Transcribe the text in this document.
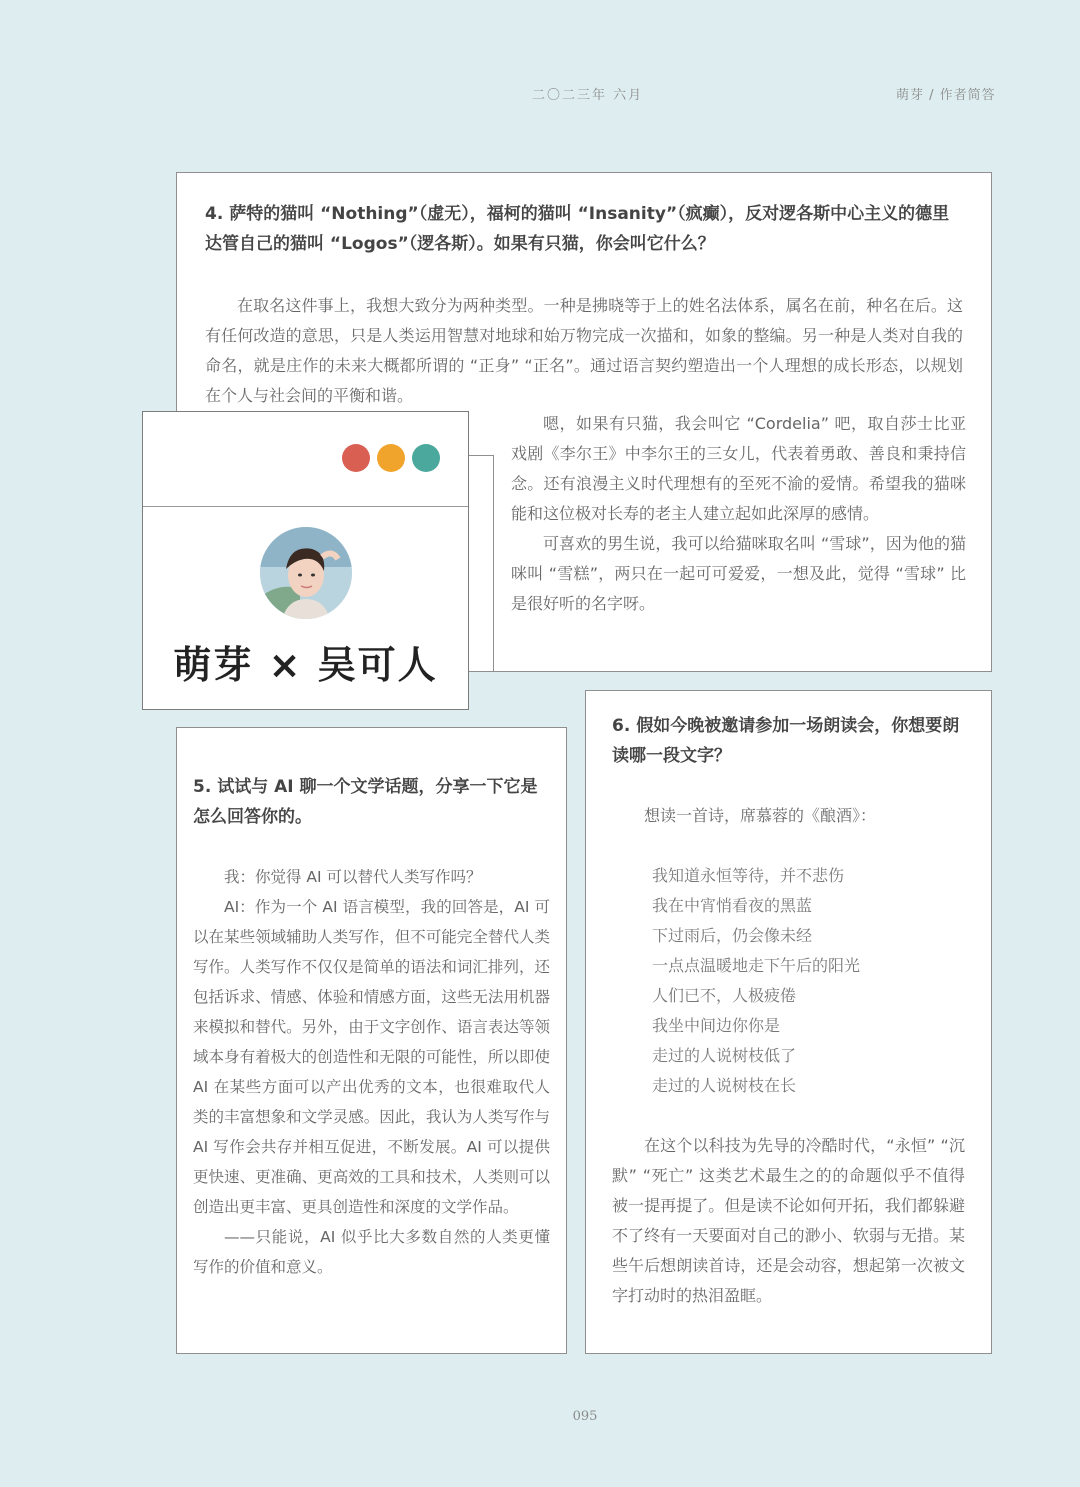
二〇二三年 六月	萌芽 / 作者简答

4. 萨特的猫叫 “Nothing”（虚无），福柯的猫叫 “Insanity”（疯癫），反对逻各斯中心主义的德里达管自己的猫叫 “Logos”（逻各斯）。如果有只猫，你会叫它什么？

在取名这件事上，我想大致分为两种类型。一种是拂晓等于上的姓名法体系，属名在前，种名在后。这有任何改造的意思，只是人类运用智慧对地球和始万物完成一次描和，如象的整编。另一种是人类对自我的命名，就是庄作的未来大概都所谓的 “正身” “正名”。通过语言契约塑造出一个人理想的成长形态，以规划在个人与社会间的平衡和谐。

嗯，如果有只猫，我会叫它 “Cordelia” 吧，取自莎士比亚戏剧《李尔王》中李尔王的三女儿，代表着勇敢、善良和秉持信念。还有浪漫主义时代理想有的至死不渝的爱情。希望我的猫咪能和这位极对长寿的老主人建立起如此深厚的感情。

可喜欢的男生说，我可以给猫咪取名叫 “雪球”，因为他的猫咪叫 “雪糕”，两只在一起可可爱爱，一想及此，觉得 “雪球” 比是很好听的名字呀。

5. 试试与 AI 聊一个文学话题，分享一下它是怎么回答你的。

我：你觉得 AI 可以替代人类写作吗？

AI：作为一个 AI 语言模型，我的回答是，AI 可以在某些领域辅助人类写作，但不可能完全替代人类写作。人类写作不仅仅是简单的语法和词汇排列，还包括诉求、情感、体验和情感方面，这些无法用机器来模拟和替代。另外，由于文字创作、语言表达等领域本身有着极大的创造性和无限的可能性，所以即使 AI 在某些方面可以产出优秀的文本，也很难取代人类的丰富想象和文学灵感。因此，我认为人类写作与 AI 写作会共存并相互促进，不断发展。AI 可以提供更快速、更准确、更高效的工具和技术，人类则可以创造出更丰富、更具创造性和深度的文学作品。

——只能说，AI 似乎比大多数自然的人类更懂写作的价值和意义。

6. 假如今晚被邀请参加一场朗读会，你想要朗读哪一段文字？

想读一首诗，席慕蓉的《酿酒》：

我知道永恒等待，并不悲伤
我在中宵悄看夜的黑蓝
下过雨后，仍会像未经
一点点温暖地走下午后的阳光
人们已不，人极疲倦
我坐中间边你你是
走过的人说树枝低了
走过的人说树枝在长

在这个以科技为先导的冷酷时代，“永恒” “沉默” “死亡” 这类艺术最生之的的命题似乎不值得被一提再提了。但是读不论如何开拓，我们都躲避不了终有一天要面对自己的渺小、软弱与无措。某些午后想朗读首诗，还是会动容，想起第一次被文字打动时的热泪盈眶。

萌芽 × 吴可人
095
